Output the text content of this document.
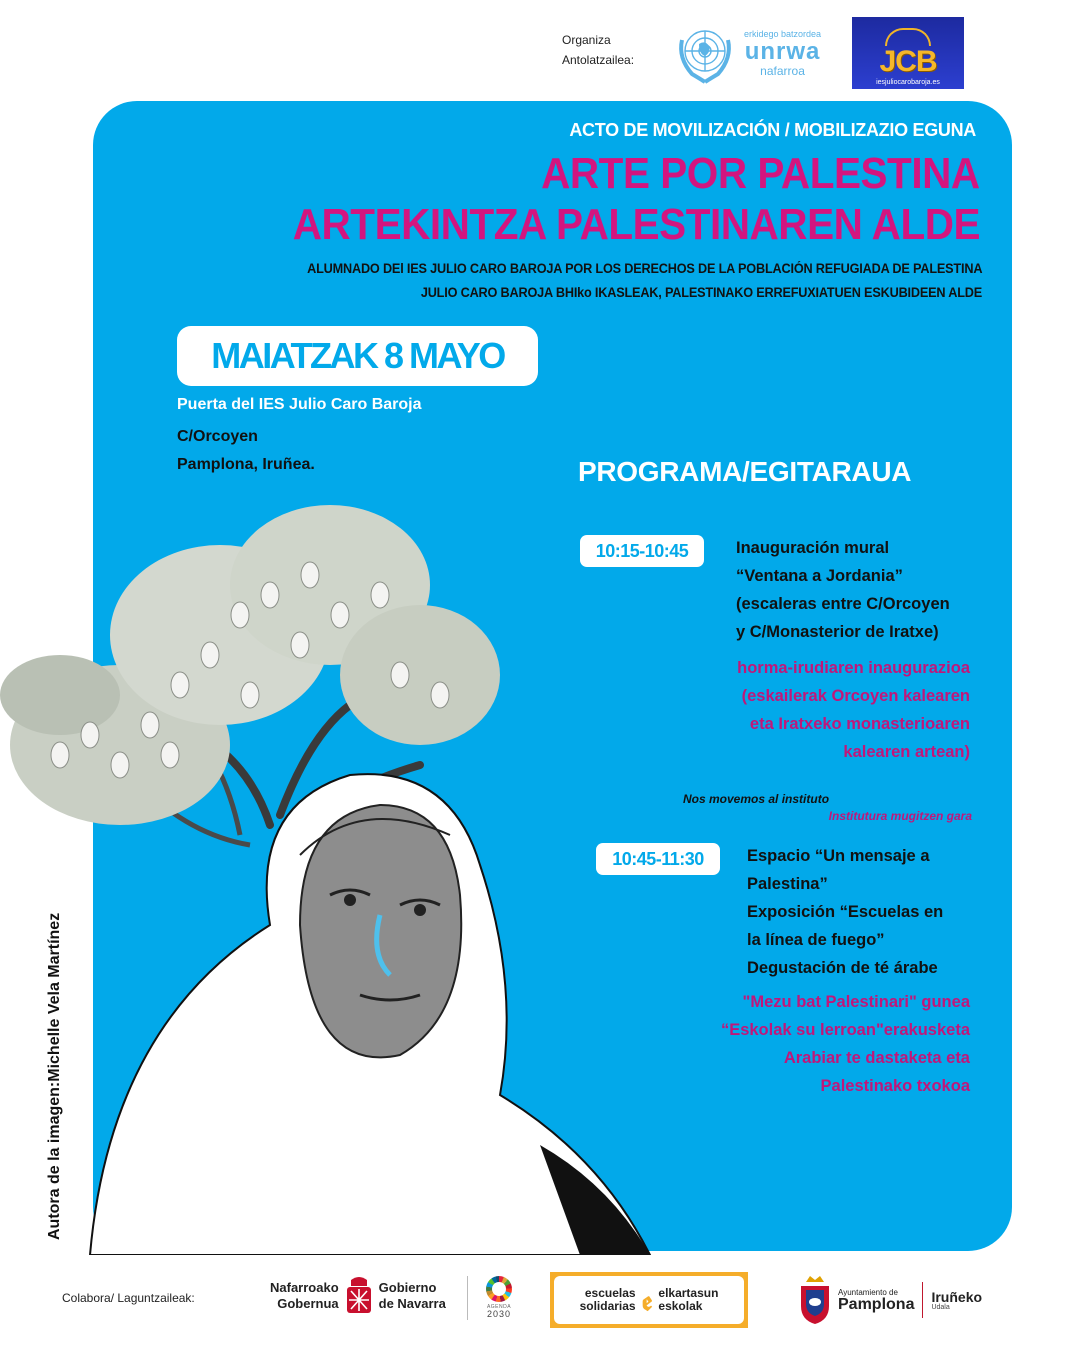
Organiza
Antolatzailea:
erkidego batzordea
unrwa
nafarroa JCB
iesjuliocarobaroja.es
Autora de la imagen:Michelle Vela Martínez
ACTO DE MOVILIZACIÓN / MOBILIZAZIO EGUNA
ARTE POR PALESTINA
ARTEKINTZA PALESTINAREN ALDE
ALUMNADO DEl IES JULIO CARO BAROJA POR LOS DERECHOS DE LA POBLACIÓN REFUGIADA DE PALESTINA
JULIO CARO BAROJA BHIko IKASLEAK, PALESTINAKO ERREFUXIATUEN ESKUBIDEEN ALDE
MAIATZAK 8 MAYO
Puerta del IES Julio Caro Baroja
C/Orcoyen
Pamplona, Iruñea.	PROGRAMA/EGITARAUA
10:15-10:45	Inauguración mural
“Ventana a Jordania”
(escaleras entre C/Orcoyen
y C/Monasterior de Iratxe)
horma-irudiaren inaugurazioa
(eskailerak Orcoyen kalearen
eta Iratxeko monasterioaren
kalearen artean)
Nos movemos al instituto
Institutura mugitzen gara
10:45-11:30	Espacio “Un mensaje a
Palestina”
Exposición “Escuelas en
la línea de fuego”
Degustación de té árabe
"Mezu bat Palestinari" gunea
“Eskolak su lerroan"erakusketa
Arabiar te dastaketa eta
Palestinako txokoa
Colabora/ Laguntzaileak:
Nafarroako
Gobernua
Gobierno
de Navarra	AGENDA
2030
escuelas
solidarias ꬲ elkartasun
eskolak
Ayuntamiento de
Pamplona Iruñeko
Udala
